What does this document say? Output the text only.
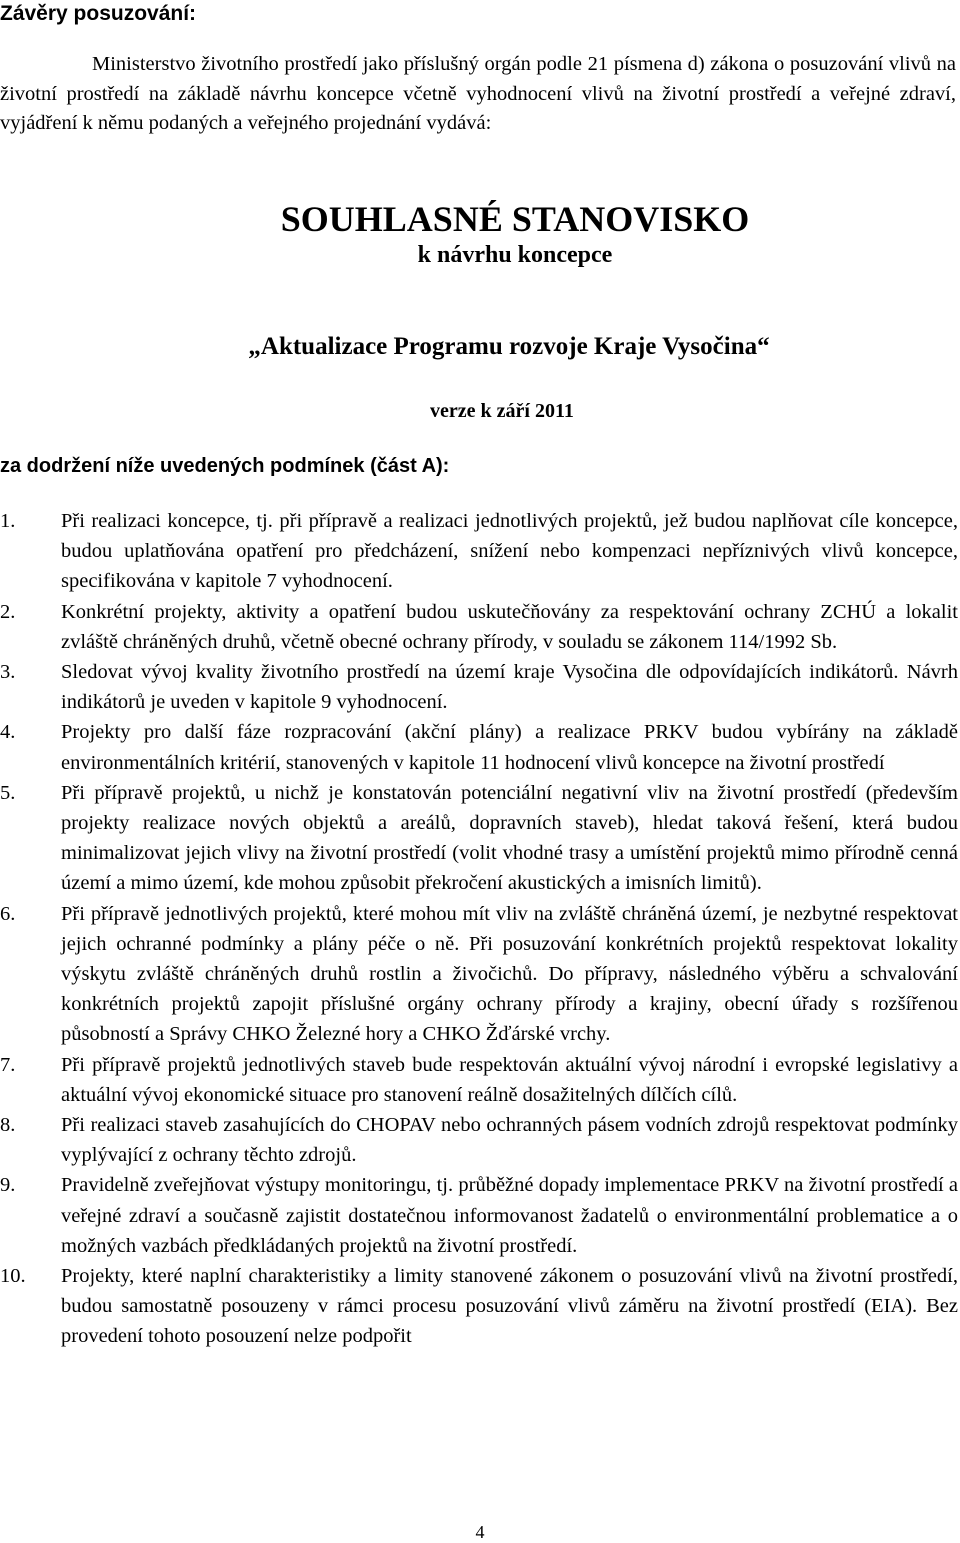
Závěry posuzování:
Ministerstvo životního prostředí jako příslušný orgán podle 21 písmena d) zákona o posuzování vlivů na životní prostředí na základě návrhu koncepce včetně vyhodnocení vlivů na životní prostředí a veřejné zdraví, vyjádření k němu podaných a veřejného projednání vydává:
SOUHLASNÉ STANOVISKO
k návrhu koncepce
„Aktualizace Programu rozvoje Kraje Vysočina“
verze k září 2011
za dodržení níže uvedených podmínek (část A):
1.	Při realizaci koncepce, tj. při přípravě a realizaci jednotlivých projektů, jež budou naplňovat cíle koncepce, budou uplatňována opatření pro předcházení, snížení nebo kompenzaci nepříznivých vlivů koncepce, specifikována v kapitole 7 vyhodnocení.
2.	Konkrétní projekty, aktivity a opatření budou uskutečňovány za respektování ochrany ZCHÚ a lokalit zvláště chráněných druhů, včetně obecné ochrany přírody, v souladu se zákonem 114/1992 Sb.
3.	Sledovat vývoj kvality životního prostředí na území kraje Vysočina dle odpovídajících indikátorů. Návrh indikátorů je uveden v kapitole 9 vyhodnocení.
4.	Projekty pro další fáze rozpracování (akční plány) a realizace PRKV budou vybírány na základě environmentálních kritérií, stanovených v kapitole 11 hodnocení vlivů koncepce na životní prostředí
5.	Při přípravě projektů, u nichž je konstatován potenciální negativní vliv na životní prostředí (především projekty realizace nových objektů a areálů, dopravních staveb), hledat taková řešení, která budou minimalizovat jejich vlivy na životní prostředí (volit vhodné trasy a umístění projektů mimo přírodně cenná území a mimo území, kde mohou způsobit překročení akustických a imisních limitů).
6.	Při přípravě jednotlivých projektů, které mohou mít vliv na zvláště chráněná území, je nezbytné respektovat jejich ochranné podmínky a plány péče o ně. Při posuzování konkrétních projektů respektovat lokality výskytu zvláště chráněných druhů rostlin a živočichů. Do přípravy, následného výběru a schvalování konkrétních projektů zapojit příslušné orgány ochrany přírody a krajiny, obecní úřady s rozšířenou působností a Správy CHKO Železné hory a CHKO Žďárské vrchy.
7.	Při přípravě projektů jednotlivých staveb bude respektován aktuální vývoj národní i evropské legislativy a aktuální vývoj ekonomické situace pro stanovení reálně dosažitelných dílčích cílů.
8.	Při realizaci staveb zasahujících do CHOPAV nebo ochranných pásem vodních zdrojů respektovat podmínky vyplývající z ochrany těchto zdrojů.
9.	Pravidelně zveřejňovat výstupy monitoringu, tj. průběžné dopady implementace PRKV na životní prostředí a veřejné zdraví a současně zajistit dostatečnou informovanost žadatelů o environmentální problematice a o možných vazbách předkládaných projektů na životní prostředí.
10.	Projekty, které naplní charakteristiky a limity stanovené zákonem o posuzování vlivů na životní prostředí, budou samostatně posouzeny v rámci procesu posuzování vlivů záměru na životní prostředí (EIA). Bez provedení tohoto posouzení nelze podpořit
4
